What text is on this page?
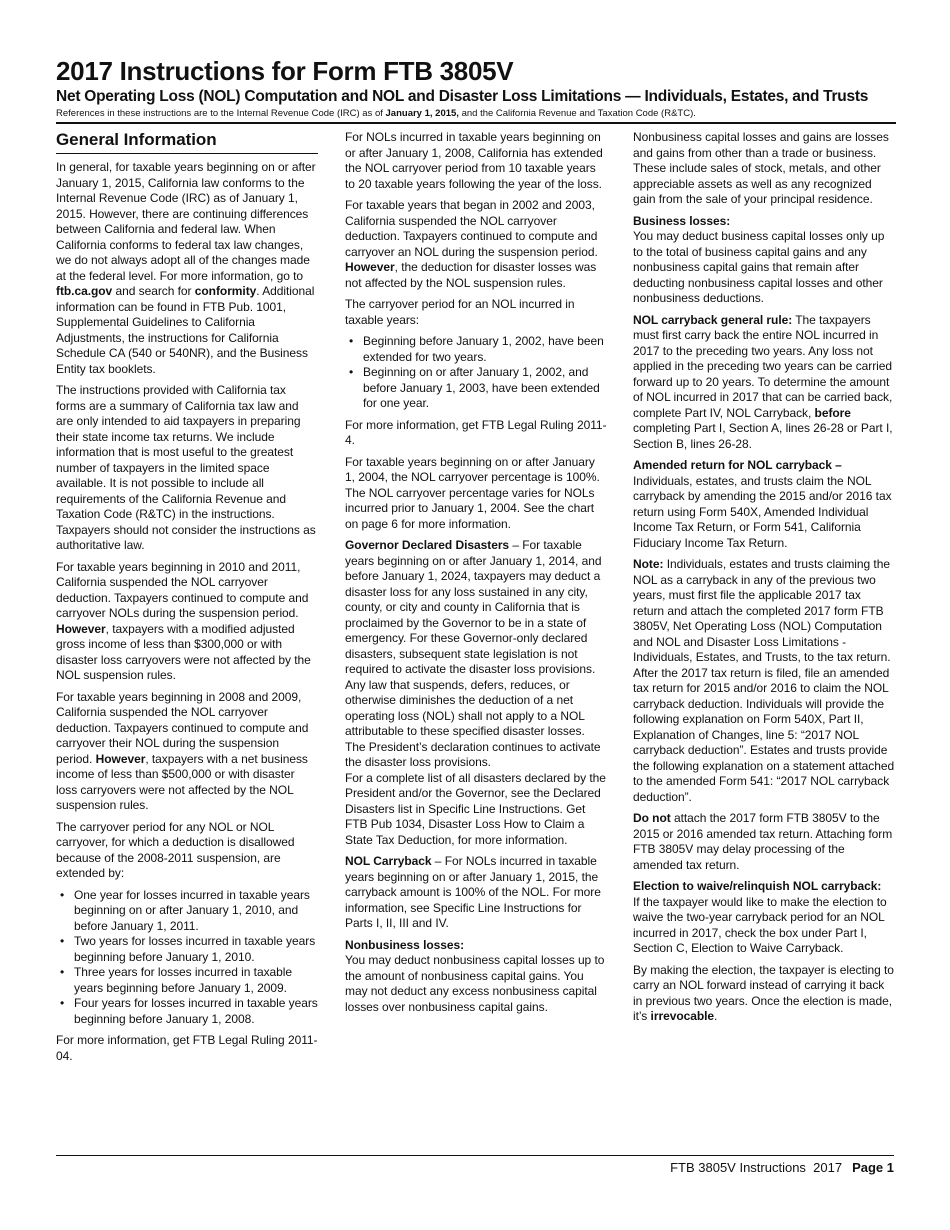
2017 Instructions for Form FTB 3805V
Net Operating Loss (NOL) Computation and NOL and Disaster Loss Limitations — Individuals, Estates, and Trusts
References in these instructions are to the Internal Revenue Code (IRC) as of January 1, 2015, and the California Revenue and Taxation Code (R&TC).
General Information

In general, for taxable years beginning on or after January 1, 2015, California law conforms to the Internal Revenue Code (IRC) as of January 1, 2015. However, there are continuing differences between California and federal law. When California conforms to federal tax law changes, we do not always adopt all of the changes made at the federal level. For more information, go to ftb.ca.gov and search for conformity. Additional information can be found in FTB Pub. 1001, Supplemental Guidelines to California Adjustments, the instructions for California Schedule CA (540 or 540NR), and the Business Entity tax booklets.

The instructions provided with California tax forms are a summary of California tax law and are only intended to aid taxpayers in preparing their state income tax returns. We include information that is most useful to the greatest number of taxpayers in the limited space available. It is not possible to include all requirements of the California Revenue and Taxation Code (R&TC) in the instructions. Taxpayers should not consider the instructions as authoritative law.

For taxable years beginning in 2010 and 2011, California suspended the NOL carryover deduction. Taxpayers continued to compute and carryover NOLs during the suspension period. However, taxpayers with a modified adjusted gross income of less than $300,000 or with disaster loss carryovers were not affected by the NOL suspension rules.

For taxable years beginning in 2008 and 2009, California suspended the NOL carryover deduction. Taxpayers continued to compute and carryover their NOL during the suspension period. However, taxpayers with a net business income of less than $500,000 or with disaster loss carryovers were not affected by the NOL suspension rules.

The carryover period for any NOL or NOL carryover, for which a deduction is disallowed because of the 2008-2011 suspension, are extended by:

• One year for losses incurred in taxable years beginning on or after January 1, 2010, and before January 1, 2011.
• Two years for losses incurred in taxable years beginning before January 1, 2010.
• Three years for losses incurred in taxable years beginning before January 1, 2009.
• Four years for losses incurred in taxable years beginning before January 1, 2008.

For more information, get FTB Legal Ruling 2011-04.

For NOLs incurred in taxable years beginning on or after January 1, 2008, California has extended the NOL carryover period from 10 taxable years to 20 taxable years following the year of the loss.

For taxable years that began in 2002 and 2003, California suspended the NOL carryover deduction. Taxpayers continued to compute and carryover an NOL during the suspension period. However, the deduction for disaster losses was not affected by the NOL suspension rules.

The carryover period for an NOL incurred in taxable years:

• Beginning before January 1, 2002, have been extended for two years.
• Beginning on or after January 1, 2002, and before January 1, 2003, have been extended for one year.

For more information, get FTB Legal Ruling 2011-4.

For taxable years beginning on or after January 1, 2004, the NOL carryover percentage is 100%. The NOL carryover percentage varies for NOLs incurred prior to January 1, 2004. See the chart on page 6 for more information.

Governor Declared Disasters – For taxable years beginning on or after January 1, 2014, and before January 1, 2024, taxpayers may deduct a disaster loss for any loss sustained in any city, county, or city and county in California that is proclaimed by the Governor to be in a state of emergency. For these Governor-only declared disasters, subsequent state legislation is not required to activate the disaster loss provisions. Any law that suspends, defers, reduces, or otherwise diminishes the deduction of a net operating loss (NOL) shall not apply to a NOL attributable to these specified disaster losses. The President’s declaration continues to activate the disaster loss provisions.

For a complete list of all disasters declared by the President and/or the Governor, see the Declared Disasters list in Specific Line Instructions. Get FTB Pub 1034, Disaster Loss How to Claim a State Tax Deduction, for more information.

NOL Carryback – For NOLs incurred in taxable years beginning on or after January 1, 2015, the carryback amount is 100% of the NOL. For more information, see Specific Line Instructions for Parts I, II, III and IV.

Nonbusiness losses:
You may deduct nonbusiness capital losses up to the amount of nonbusiness capital gains. You may not deduct any excess nonbusiness capital losses over nonbusiness capital gains.

Nonbusiness capital losses and gains are losses and gains from other than a trade or business. These include sales of stock, metals, and other appreciable assets as well as any recognized gain from the sale of your principal residence.

Business losses:
You may deduct business capital losses only up to the total of business capital gains and any nonbusiness capital gains that remain after deducting nonbusiness capital losses and other nonbusiness deductions.

NOL carryback general rule: The taxpayers must first carry back the entire NOL incurred in 2017 to the preceding two years. Any loss not applied in the preceding two years can be carried forward up to 20 years. To determine the amount of NOL incurred in 2017 that can be carried back, complete Part IV, NOL Carryback, before completing Part I, Section A, lines 26-28 or Part I, Section B, lines 26-28.

Amended return for NOL carryback –
Individuals, estates, and trusts claim the NOL carryback by amending the 2015 and/or 2016 tax return using Form 540X, Amended Individual Income Tax Return, or Form 541, California Fiduciary Income Tax Return.

Note: Individuals, estates and trusts claiming the NOL as a carryback in any of the previous two years, must first file the applicable 2017 tax return and attach the completed 2017 form FTB 3805V, Net Operating Loss (NOL) Computation and NOL and Disaster Loss Limitations - Individuals, Estates, and Trusts, to the tax return. After the 2017 tax return is filed, file an amended tax return for 2015 and/or 2016 to claim the NOL carryback deduction. Individuals will provide the following explanation on Form 540X, Part II, Explanation of Changes, line 5: “2017 NOL carryback deduction”. Estates and trusts provide the following explanation on a statement attached to the amended Form 541: “2017 NOL carryback deduction”.

Do not attach the 2017 form FTB 3805V to the 2015 or 2016 amended tax return. Attaching form FTB 3805V may delay processing of the amended tax return.

Election to waive/relinquish NOL carryback:
If the taxpayer would like to make the election to waive the two-year carryback period for an NOL incurred in 2017, check the box under Part I, Section C, Election to Waive Carryback.

By making the election, the taxpayer is electing to carry an NOL forward instead of carrying it back in previous two years. Once the election is made, it’s irrevocable.

FTB 3805V Instructions  2017 Page 1
